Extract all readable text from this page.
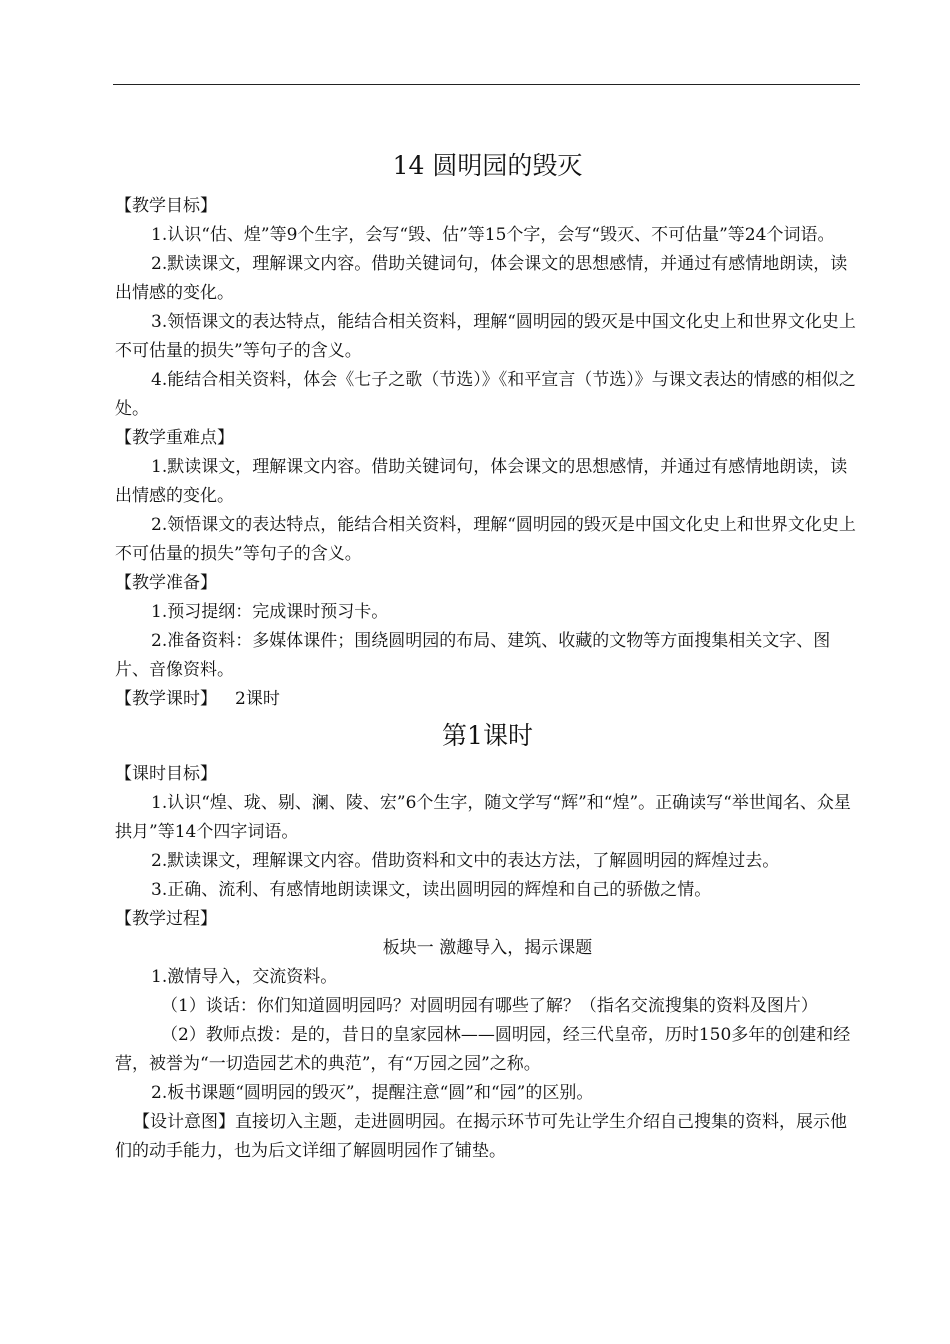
14 圆明园的毁灭

【教学目标】

1.认识“估、煌”等9个生字，会写“毁、估”等15个字，会写“毁灭、不可估量”等24个词语。

2.默读课文，理解课文内容。借助关键词句，体会课文的思想感情，并通过有感情地朗读，读出情感的变化。

3.领悟课文的表达特点，能结合相关资料，理解“圆明园的毁灭是中国文化史上和世界文化史上不可估量的损失”等句子的含义。

4.能结合相关资料，体会《七子之歌（节选）》《和平宣言（节选）》与课文表达的情感的相似之处。

【教学重难点】

1.默读课文，理解课文内容。借助关键词句，体会课文的思想感情，并通过有感情地朗读，读出情感的变化。

2.领悟课文的表达特点，能结合相关资料，理解“圆明园的毁灭是中国文化史上和世界文化史上不可估量的损失”等句子的含义。

【教学准备】

1.预习提纲：完成课时预习卡。

2.准备资料：多媒体课件；围绕圆明园的布局、建筑、收藏的文物等方面搜集相关文字、图片、音像资料。

【教学课时】 2课时

第1课时

【课时目标】

1.认识“煌、珑、剔、澜、陵、宏”6个生字，随文学写“辉”和“煌”。正确读写“举世闻名、众星拱月”等14个四字词语。

2.默读课文，理解课文内容。借助资料和文中的表达方法，了解圆明园的辉煌过去。

3.正确、流利、有感情地朗读课文，读出圆明园的辉煌和自己的骄傲之情。

【教学过程】

板块一 激趣导入，揭示课题

1.激情导入，交流资料。

（1）谈话：你们知道圆明园吗？对圆明园有哪些了解？（指名交流搜集的资料及图片）

（2）教师点拨：是的，昔日的皇家园林——圆明园，经三代皇帝，历时150多年的创建和经营，被誉为“一切造园艺术的典范”，有“万园之园”之称。

2.板书课题“圆明园的毁灭”，提醒注意“圆”和“园”的区别。

【设计意图】直接切入主题，走进圆明园。在揭示环节可先让学生介绍自己搜集的资料，展示他们的动手能力，也为后文详细了解圆明园作了铺垫。
